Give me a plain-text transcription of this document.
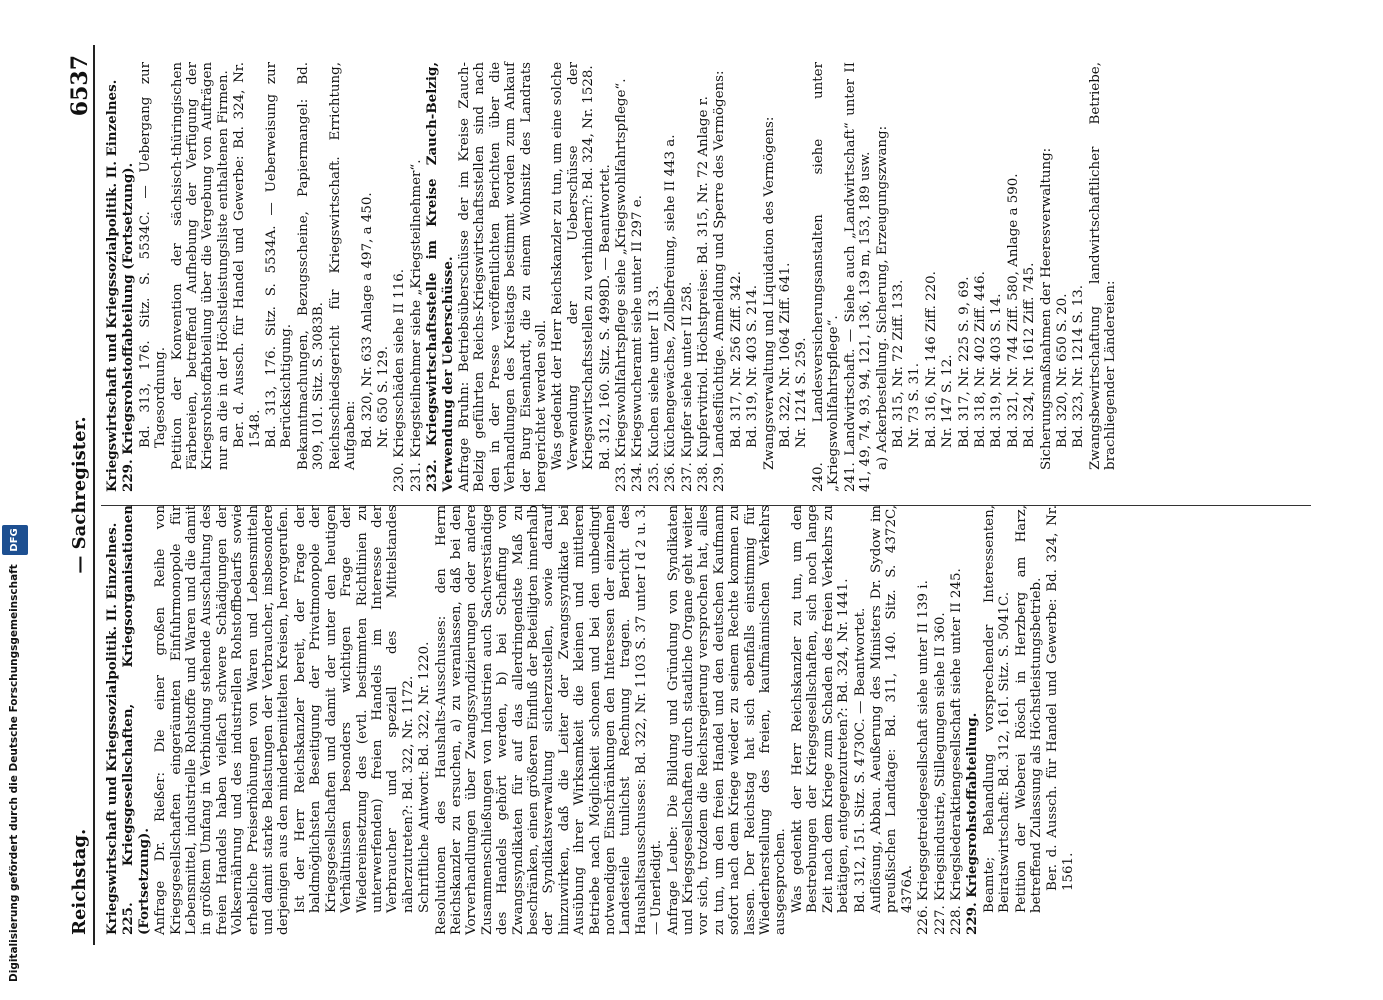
Reichstag.
— Sachregister.
6537

Kriegswirtschaft und Kriegssozialpolitik. II. Einzelnes. 225. Kriegsgesellschaften, Kriegsorganisationen (Fortsetzung). Anfrage Dr. Rießer: Die einer großen Reihe von Kriegsgesellschaften eingeräumten Einfuhrmonopole für Lebensmittel, industrielle Rohstoffe und Waren und die damit in größtem Umfang in Verbindung stehende Ausschaltung des freien Handels haben vielfach schwere Schädigungen der Volksernährung und des industriellen Rohstoffbedarfs sowie erhebliche Preiserhöhungen von Waren und Lebensmitteln und damit starke Belastungen der Verbraucher, insbesondere derjenigen aus den minderbemittelten Kreisen, hervorgerufen. Ist der Herr Reichskanzler bereit, der Frage der baldmöglichsten Beseitigung der Privatmonopole der Kriegsgesellschaften und damit der unter den heutigen Verhältnissen besonders wichtigen Frage der Wiedereinsetzung des (evtl. bestimmten Richtlinien zu unterwerfenden) freien Handels im Interesse der Verbraucher und speziell des Mittelstandes näherzutreten?: Bd. 322, Nr. 1172. Schriftliche Antwort: Bd. 322, Nr. 1220. Resolutionen des Haushalts-Ausschusses: den Herrn Reichskanzler zu ersuchen, a) zu veranlassen, daß bei den Vorverhandlungen über Zwangssyndizierungen oder andere Zusammenschließungen von Industrien auch Sachverständige des Handels gehört werden, b) bei Schaffung von Zwangssyndikaten für auf das allerdringendste Maß zu beschränken, einen größeren Einfluß der Beteiligten innerhalb der Syndikatsverwaltung sicherzustellen, sowie darauf hinzuwirken, daß die Leiter der Zwangssyndikate bei Ausübung ihrer Wirksamkeit die kleinen und mittleren Betriebe nach Möglichkeit schonen und bei den unbedingt notwendigen Einschränkungen den Interessen der einzelnen Landesteile tunlichst Rechnung tragen. Bericht des Haushaltsausschusses: Bd. 322, Nr. 1103 S. 37 unter I d 2 u. 3. — Unerledigt. Anfrage Leube: Die Bildung und Gründung von Syndikaten und Kriegsgesellschaften durch staatliche Organe geht weiter vor sich, trotzdem die Reichsregierung versprochen hat, alles zu tun, um den freien Handel und den deutschen Kaufmann sofort nach dem Kriege wieder zu seinem Rechte kommen zu lassen. Der Reichstag hat sich ebenfalls einstimmig für Wiederherstellung des freien, kaufmännischen Verkehrs ausgesprochen. Was gedenkt der Herr Reichskanzler zu tun, um den Bestrebungen der Kriegsgesellschaften, sich noch lange Zeit nach dem Kriege zum Schaden des freien Verkehrs zu betätigen, entgegenzutreten?: Bd. 324, Nr. 1441. Bd. 312, 151. Sitz. S. 4730C. — Beantwortet. Auflösung, Abbau. Aeußerung des Ministers Dr. Sydow im preußischen Landtage: Bd. 311, 140. Sitz. S. 4372C, 4376A. 226. Kriegsgetreidegesellschaft siehe unter II 139 i. 227. Kriegsindustrie, Stillegungen siehe II 360. 228. Kriegslederaktiengesellschaft siehe unter II 245. 229. Kriegsrohstoffabteilung. Beamte; Behandlung vorsprechender Interessenten, Beiratswirtschaft: Bd. 312, 161. Sitz. S. 5041C. Petition der Weberei Rösch in Herzberg am Harz, betreffend Zulassung als Höchstleistungsbetrieb. Ber. d. Aussch. für Handel und Gewerbe: Bd. 324, Nr. 1561.

Kriegswirtschaft und Kriegssozialpolitik. II. Einzelnes. 229. Kriegsrohstoffabteilung (Fortsetzung). Bd. 313, 176. Sitz. S. 5534C. — Uebergang zur Tagesordnung. Petition der Konvention der sächsisch-thüringischen Färbereien, betreffend Aufhebung der Verfügung der Kriegsrohstoffabteilung über die Vergebung von Aufträgen nur an die in der Höchstleistungsliste enthaltenen Firmen. Ber. d. Aussch. für Handel und Gewerbe: Bd. 324, Nr. 1548. Bd. 313, 176. Sitz. S. 5534A. — Ueberweisung zur Berücksichtigung. Bekanntmachungen, Bezugsscheine, Papiermangel: Bd. 309, 101. Sitz. S. 3083B. Reichsschiedsgericht für Kriegswirtschaft. Errichtung, Aufgaben: Bd. 320, Nr. 633 Anlage a 497, a 450. Nr. 650 S. 129. 230. Kriegsschäden siehe II 116. 231. Kriegsteilnehmer siehe „Kriegsteilnehmer“. 232. Kriegswirtschaftsstelle im Kreise Zauch-Belzig, Verwendung der Ueberschüsse. Anfrage Bruhn: Betriebsüberschüsse der im Kreise Zauch-Belzig geführten Reichs-Kriegswirtschaftsstellen sind nach den in der Presse veröffentlichten Berichten über die Verhandlungen des Kreistags bestimmt worden zum Ankauf der Burg Eisenhardt, die zu einem Wohnsitz des Landrats hergerichtet werden soll. Was gedenkt der Herr Reichskanzler zu tun, um eine solche Verwendung der Ueberschüsse der Kriegswirtschaftsstellen zu verhindern?: Bd. 324, Nr. 1528. Bd. 312, 160. Sitz. S. 4998D. — Beantwortet. 233. Kriegswohlfahrtspflege siehe „Kriegswohlfahrtspflege“. 234. Kriegswucheramt siehe unter II 297 e. 235. Kuchen siehe unter II 33. 236. Küchengewächse, Zollbefreiung, siehe II 443 a. 237. Kupfer siehe unter II 258. 238. Kupfervitriol. Höchstpreise: Bd. 315, Nr. 72 Anlage r. 239. Landesflüchtige. Anmeldung und Sperre des Vermögens: Bd. 317, Nr. 256 Ziff. 342. Bd. 319, Nr. 403 S. 214. Zwangsverwaltung und Liquidation des Vermögens: Bd. 322, Nr. 1064 Ziff. 641. Nr. 1214 S. 259. 240. Landesversicherungsanstalten siehe unter „Kriegswohlfahrtspflege“. 241. Landwirtschaft. — Siehe auch „Landwirtschaft“ unter II 41, 49, 74, 93, 94, 121, 136, 139 m, 153, 189 usw. a) Ackerbestellung. Sicherung, Erzeugungszwang: Bd. 315, Nr. 72 Ziff. 133. Nr. 73 S. 31. Bd. 316, Nr. 146 Ziff. 220. Nr. 147 S. 12. Bd. 317, Nr. 225 S. 9, 69. Bd. 318, Nr. 402 Ziff. 446. Bd. 319, Nr. 403 S. 14. Bd. 321, Nr. 744 Ziff. 580, Anlage a 590. Bd. 324, Nr. 1612 Ziff. 745. Sicherungsmaßnahmen der Heeresverwaltung: Bd. 320, Nr. 650 S. 20. Bd. 323, Nr. 1214 S. 13. Zwangsbewirtschaftung landwirtschaftlicher Betriebe, brachliegender Ländereien:

Digitalisierung gefördert durch die Deutsche Forschungsgemeinschaft DFG
